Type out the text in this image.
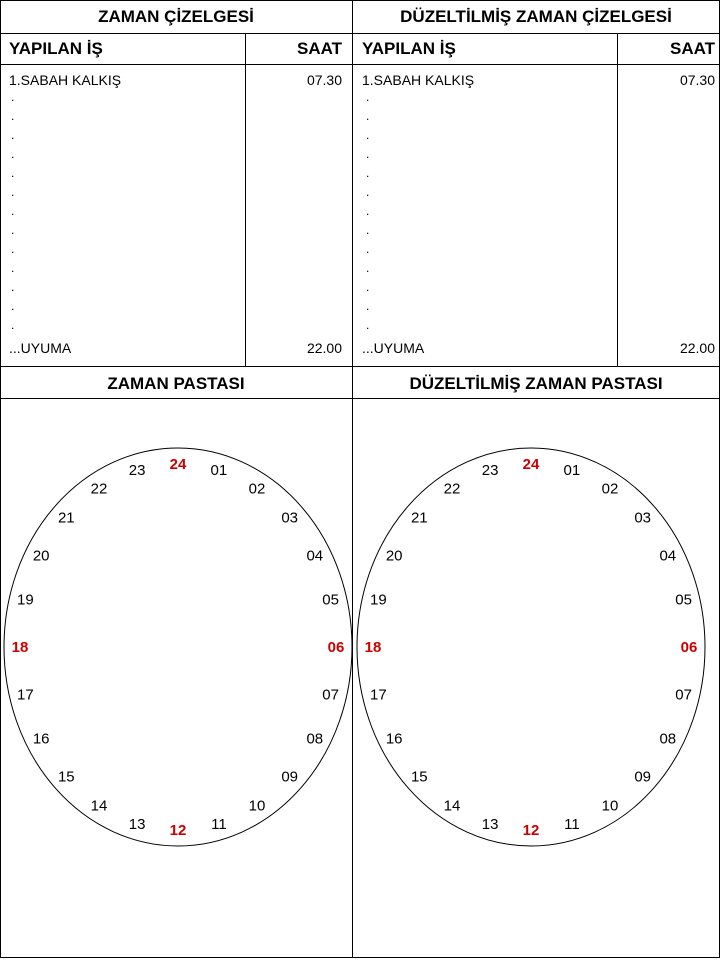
ZAMAN ÇİZELGESİ
YAPILAN İŞ	SAAT
1.SABAH KALKIŞ	07.30
.
.
.
.
.
.
.
.
.
.
.
.
.
...UYUMA	22.00
DÜZELTİLMİŞ ZAMAN ÇİZELGESİ
YAPILAN İŞ	SAAT
1.SABAH KALKIŞ	07.30
.
.
.
.
.
.
.
.
.
.
.
.
.
...UYUMA	22.00
ZAMAN PASTASI	DÜZELTİLMİŞ ZAMAN PASTASI
24 01
02
03
04
05
06
07
08
09
10
11
12
13
14
15
16
17
18
19
20
21
22
23	24 01
02
03
04
05
06
07
08
09
10
11
12
13
14
15
16
17
18
19
20
21
22
23
